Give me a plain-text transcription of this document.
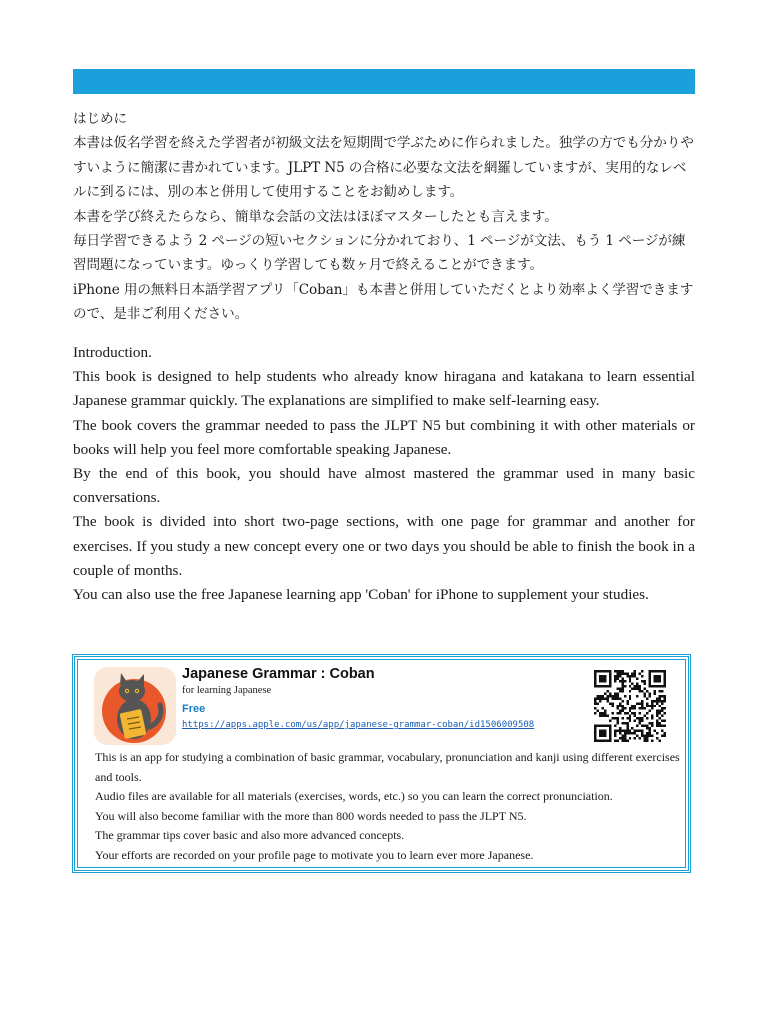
はじめに

本書は仮名学習を終えた学習者が初級文法を短期間で学ぶために作られました。独学の方でも分かりやすいように簡潔に書かれています。JLPT N5 の合格に必要な文法を網羅していますが、実用的なレベルに到るには、別の本と併用して使用することをお勧めします。

本書を学び終えたらなら、簡単な会話の文法はほぼマスターしたとも言えます。

毎日学習できるよう 2 ページの短いセクションに分かれており、1 ページが文法、もう 1 ページが練習問題になっています。ゆっくり学習しても数ヶ月で終えることができます。

iPhone 用の無料日本語学習アプリ「Coban」も本書と併用していただくとより効率よく学習できますので、是非ご利用ください。

Introduction.

This book is designed to help students who already know hiragana and katakana to learn essential Japanese grammar quickly. The explanations are simplified to make self-learning easy.

The book covers the grammar needed to pass the JLPT N5 but combining it with other materials or books will help you feel more comfortable speaking Japanese.

By the end of this book, you should have almost mastered the grammar used in many basic conversations.

The book is divided into short two-page sections, with one page for grammar and another for exercises. If you study a new concept every one or two days you should be able to finish the book in a couple of months.

You can also use the free Japanese learning app 'Coban' for iPhone to supplement your studies.

Japanese Grammar : Coban
for learning Japanese
Free
https://apps.apple.com/us/app/japanese-grammar-coban/id1506009508

This is an app for studying a combination of basic grammar, vocabulary, pronunciation and kanji using different exercises and tools.

Audio files are available for all materials (exercises, words, etc.) so you can learn the correct pronunciation.

You will also become familiar with the more than 800 words needed to pass the JLPT N5.

The grammar tips cover basic and also more advanced concepts.

Your efforts are recorded on your profile page to motivate you to learn ever more Japanese.
